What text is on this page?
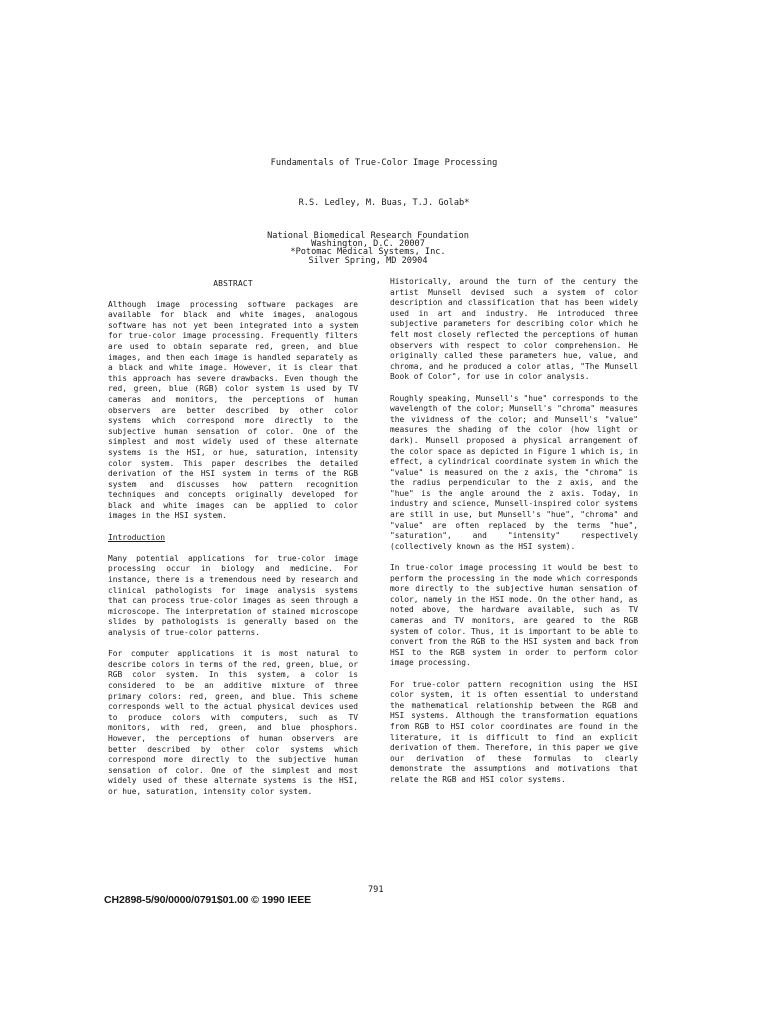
Fundamentals of True-Color Image Processing
R.S. Ledley, M. Buas, T.J. Golab*
National Biomedical Research Foundation
Washington, D.C. 20007
*Potomac Medical Systems, Inc.
Silver Spring, MD 20904
ABSTRACT

Although image processing software packages are available for black and white images, analogous software has not yet been integrated into a system for true-color image processing. Frequently filters are used to obtain separate red, green, and blue images, and then each image is handled separately as a black and white image. However, it is clear that this approach has severe drawbacks. Even though the red, green, blue (RGB) color system is used by TV cameras and monitors, the perceptions of human observers are better described by other color systems which correspond more directly to the subjective human sensation of color. One of the simplest and most widely used of these alternate systems is the HSI, or hue, saturation, intensity color system. This paper describes the detailed derivation of the HSI system in terms of the RGB system and discusses how pattern recognition techniques and concepts originally developed for black and white images can be applied to color images in the HSI system.

Introduction

Many potential applications for true-color image processing occur in biology and medicine. For instance, there is a tremendous need by research and clinical pathologists for image analysis systems that can process true-color images as seen through a microscope. The interpretation of stained microscope slides by pathologists is generally based on the analysis of true-color patterns.

For computer applications it is most natural to describe colors in terms of the red, green, blue, or RGB color system. In this system, a color is considered to be an additive mixture of three primary colors: red, green, and blue. This scheme corresponds well to the actual physical devices used to produce colors with computers, such as TV monitors, with red, green, and blue phosphors. However, the perceptions of human observers are better described by other color systems which correspond more directly to the subjective human sensation of color. One of the simplest and most widely used of these alternate systems is the HSI, or hue, saturation, intensity color system.

Historically, around the turn of the century the artist Munsell devised such a system of color description and classification that has been widely used in art and industry. He introduced three subjective parameters for describing color which he felt most closely reflected the perceptions of human observers with respect to color comprehension. He originally called these parameters hue, value, and chroma, and he produced a color atlas, "The Munsell Book of Color", for use in color analysis.

Roughly speaking, Munsell's "hue" corresponds to the wavelength of the color; Munsell's "chroma" measures the vividness of the color; and Munsell's "value" measures the shading of the color (how light or dark). Munsell proposed a physical arrangement of the color space as depicted in Figure 1 which is, in effect, a cylindrical coordinate system in which the "value" is measured on the z axis, the "chroma" is the radius perpendicular to the z axis, and the "hue" is the angle around the z axis. Today, in industry and science, Munsell-inspired color systems are still in use, but Munsell's "hue", "chroma" and "value" are often replaced by the terms "hue", "saturation", and "intensity" respectively (collectively known as the HSI system).

In true-color image processing it would be best to perform the processing in the mode which corresponds more directly to the subjective human sensation of color, namely in the HSI mode. On the other hand, as noted above, the hardware available, such as TV cameras and TV monitors, are geared to the RGB system of color. Thus, it is important to be able to convert from the RGB to the HSI system and back from HSI to the RGB system in order to perform color image processing.

For true-color pattern recognition using the HSI color system, it is often essential to understand the mathematical relationship between the RGB and HSI systems. Although the transformation equations from RGB to HSI color coordinates are found in the literature, it is difficult to find an explicit derivation of them. Therefore, in this paper we give our derivation of these formulas to clearly demonstrate the assumptions and motivations that relate the RGB and HSI color systems.

791
CH2898-5/90/0000/0791$01.00 © 1990 IEEE
